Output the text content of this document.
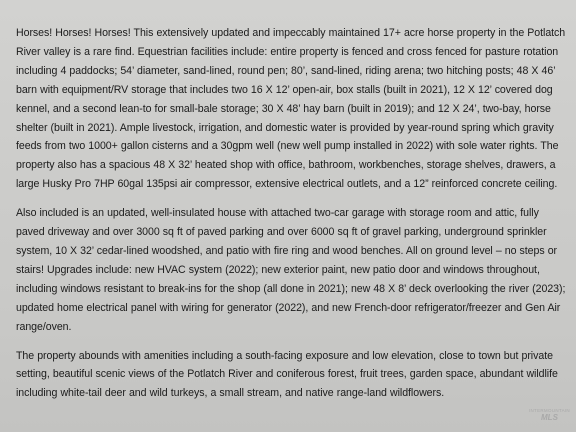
Horses! Horses! Horses! This extensively updated and impeccably maintained 17+ acre horse property in the Potlatch River valley is a rare find. Equestrian facilities include: entire property is fenced and cross fenced for pasture rotation including 4 paddocks; 54’ diameter, sand-lined, round pen; 80’, sand-lined, riding arena; two hitching posts; 48 X 46’ barn with equipment/RV storage that includes two 16 X 12’ open-air, box stalls (built in 2021), 12 X 12’ covered dog kennel, and a second lean-to for small-bale storage; 30 X 48’ hay barn (built in 2019); and 12 X 24’, two-bay, horse shelter (built in 2021). Ample livestock, irrigation, and domestic water is provided by year-round spring which gravity feeds from two 1000+ gallon cisterns and a 30gpm well (new well pump installed in 2022) with sole water rights. The property also has a spacious 48 X 32’ heated shop with office, bathroom, workbenches, storage shelves, drawers, a large Husky Pro 7HP 60gal 135psi air compressor, extensive electrical outlets, and a 12” reinforced concrete ceiling.

Also included is an updated, well-insulated house with attached two-car garage with storage room and attic, fully paved driveway and over 3000 sq ft of paved parking and over 6000 sq ft of gravel parking, underground sprinkler system, 10 X 32’ cedar-lined woodshed, and patio with fire ring and wood benches. All on ground level – no steps or stairs! Upgrades include: new HVAC system (2022); new exterior paint, new patio door and windows throughout, including windows resistant to break-ins for the shop (all done in 2021); new 48 X 8’ deck overlooking the river (2023); updated home electrical panel with wiring for generator (2022), and new French-door refrigerator/freezer and Gen Air range/oven.

The property abounds with amenities including a south-facing exposure and low elevation, close to town but private setting, beautiful scenic views of the Potlatch River and coniferous forest, fruit trees, garden space, abundant wildlife including white-tail deer and wild turkeys, a small stream, and native range-land wildflowers.

INTERMOUNTAIN
MLS
